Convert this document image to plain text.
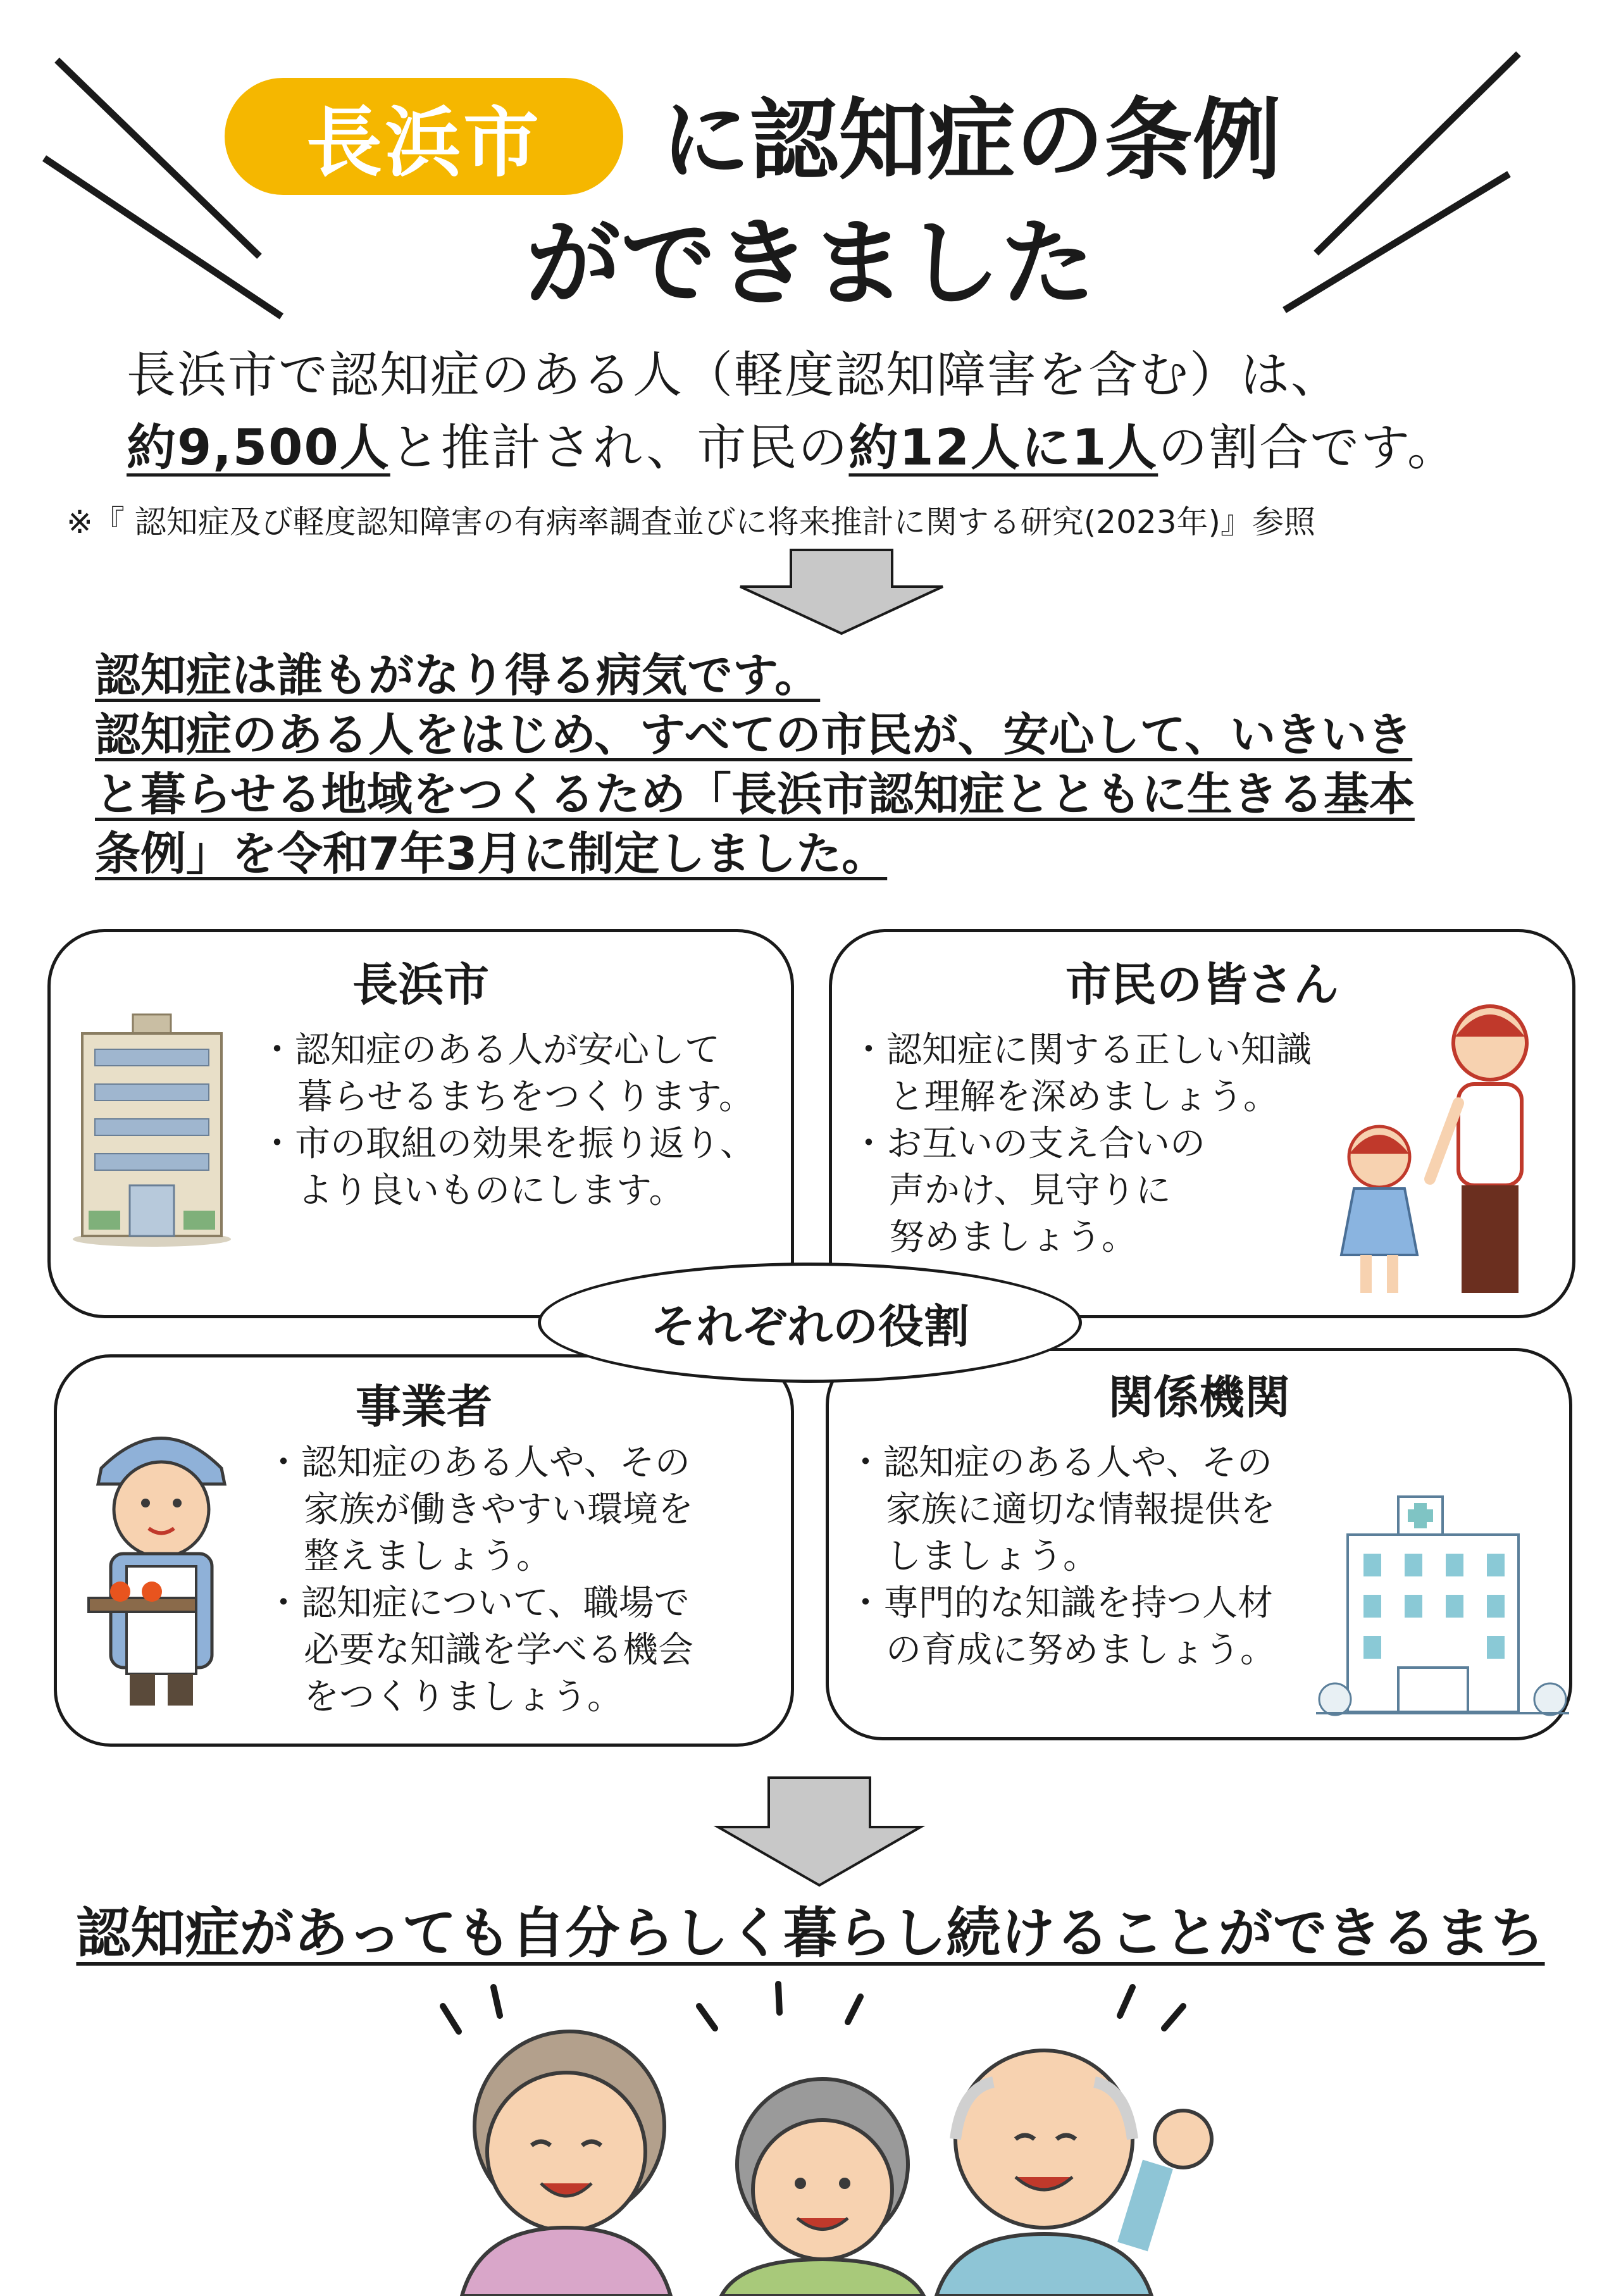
長浜市 に認知症の条例
ができました
長浜市で認知症のある人（軽度認知障害を含む）は、
約9,500人と推計され、市民の約12人に1人の割合です。
※『 認知症及び軽度認知障害の有病率調査並びに将来推計に関する研究(2023年)』参照
認知症は誰もがなり得る病気です。
認知症のある人をはじめ、すべての市民が、安心して、いきいき
と暮らせる地域をつくるため「長浜市認知症とともに生きる基本
条例」を令和7年3月に制定しました。
長浜市
・認知症のある人が安心して
暮らせるまちをつくります。
・市の取組の効果を振り返り、
より良いものにします。
市民の皆さん
・認知症に関する正しい知識
と理解を深めましょう。
・お互いの支え合いの
声かけ、見守りに
努めましょう。
事業者
・認知症のある人や、その
家族が働きやすい環境を
整えましょう。
・認知症について、職場で
必要な知識を学べる機会
をつくりましょう。
関係機関
・認知症のある人や、その
家族に適切な情報提供を
しましょう。
・専門的な知識を持つ人材
の育成に努めましょう。
それぞれの役割
認知症があっても自分らしく暮らし続けることができるまち
